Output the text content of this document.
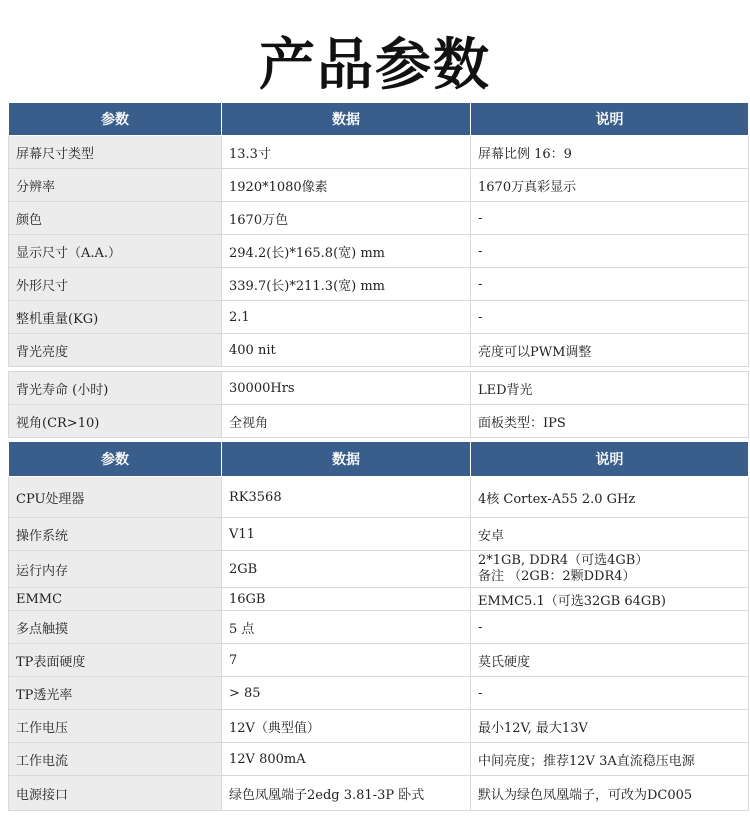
产品参数
参数	数据	说明
屏幕尺寸类型	13.3寸	屏幕比例 16：9
分辨率	1920*1080像素	1670万真彩显示
颜色	1670万色	-
显示尺寸（A.A.）	294.2(长)*165.8(宽) mm	-
外形尺寸	339.7(长)*211.3(宽) mm	-
整机重量(KG)	2.1	-
背光亮度	400 nit	亮度可以PWM调整
背光寿命 (小时)	30000Hrs	LED背光
视角(CR>10)	全视角	面板类型：IPS
参数	数据	说明
CPU处理器	RK3568	4核 Cortex-A55 2.0 GHz
操作系统	V11	安卓
运行内存	2GB	2*1GB, DDR4（可选4GB）
备注 （2GB：2颗DDR4）

EMMC	16GB	EMMC5.1（可选32GB 64GB)
多点触摸	5 点	-
TP表面硬度	7	莫氏硬度
TP透光率	> 85	-
工作电压	12V（典型值）	最小12V, 最大13V
工作电流	12V 800mA	中间亮度；推荐12V 3A直流稳压电源
电源接口	绿色凤凰端子2edg 3.81-3P 卧式	默认为绿色凤凰端子，可改为DC005
